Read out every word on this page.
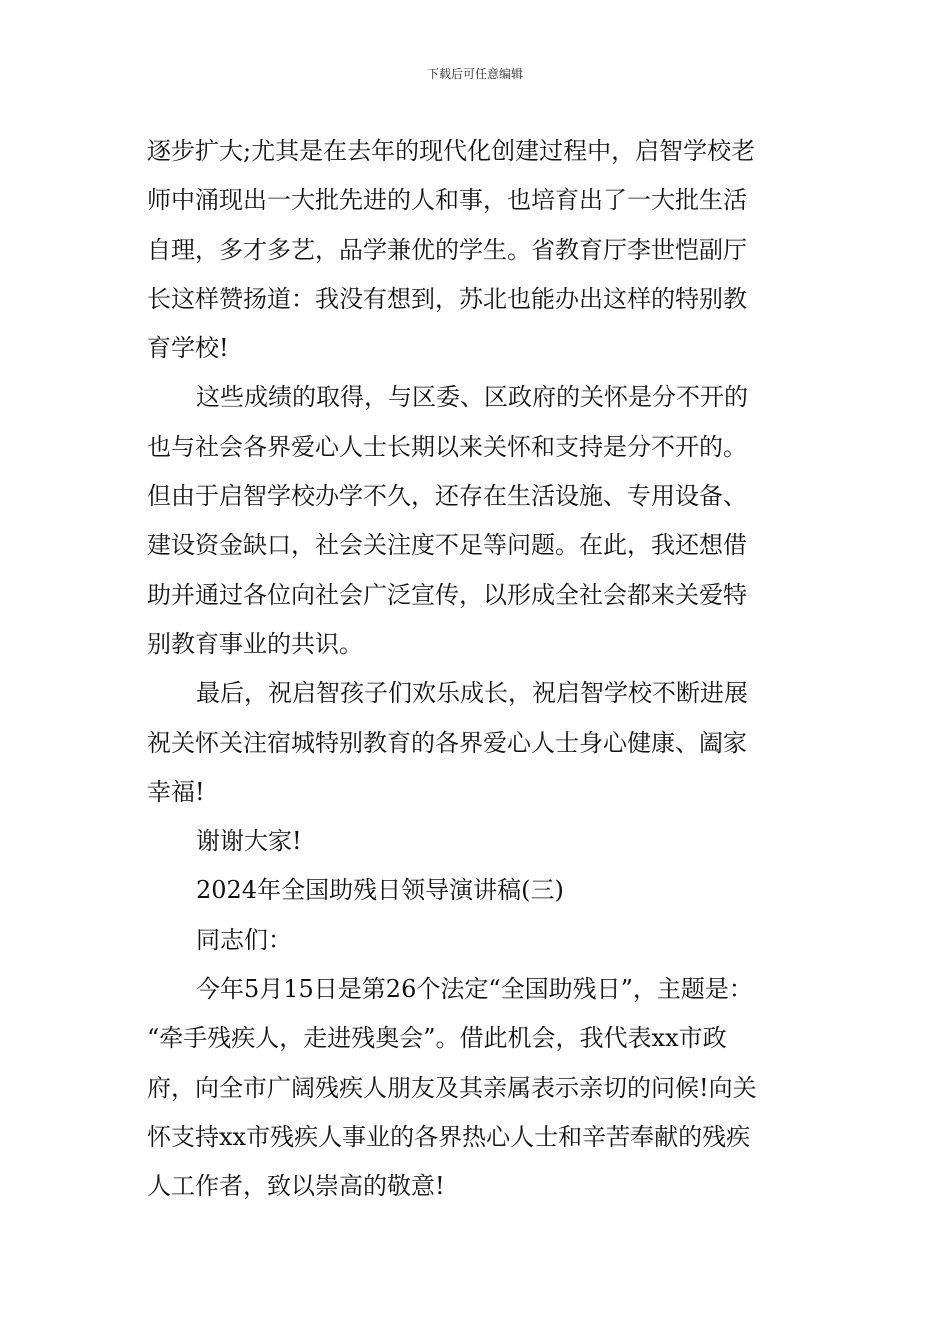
下载后可任意编辑
逐步扩大;尤其是在去年的现代化创建过程中，启智学校老
师中涌现出一大批先进的人和事，也培育出了一大批生活
自理，多才多艺，品学兼优的学生。省教育厅李世恺副厅
长这样赞扬道：我没有想到，苏北也能办出这样的特别教
育学校!
这些成绩的取得，与区委、区政府的关怀是分不开的
也与社会各界爱心人士长期以来关怀和支持是分不开的。
但由于启智学校办学不久，还存在生活设施、专用设备、
建设资金缺口，社会关注度不足等问题。在此，我还想借
助并通过各位向社会广泛宣传，以形成全社会都来关爱特
别教育事业的共识。
最后，祝启智孩子们欢乐成长，祝启智学校不断进展
祝关怀关注宿城特别教育的各界爱心人士身心健康、阖家
幸福!
谢谢大家!
2024年全国助残日领导演讲稿(三)
同志们：
今年5月15日是第26个法定“全国助残日”，主题是：
“牵手残疾人，走进残奥会”。借此机会，我代表xx市政
府，向全市广阔残疾人朋友及其亲属表示亲切的问候!向关
怀支持xx市残疾人事业的各界热心人士和辛苦奉献的残疾
人工作者，致以崇高的敬意!
